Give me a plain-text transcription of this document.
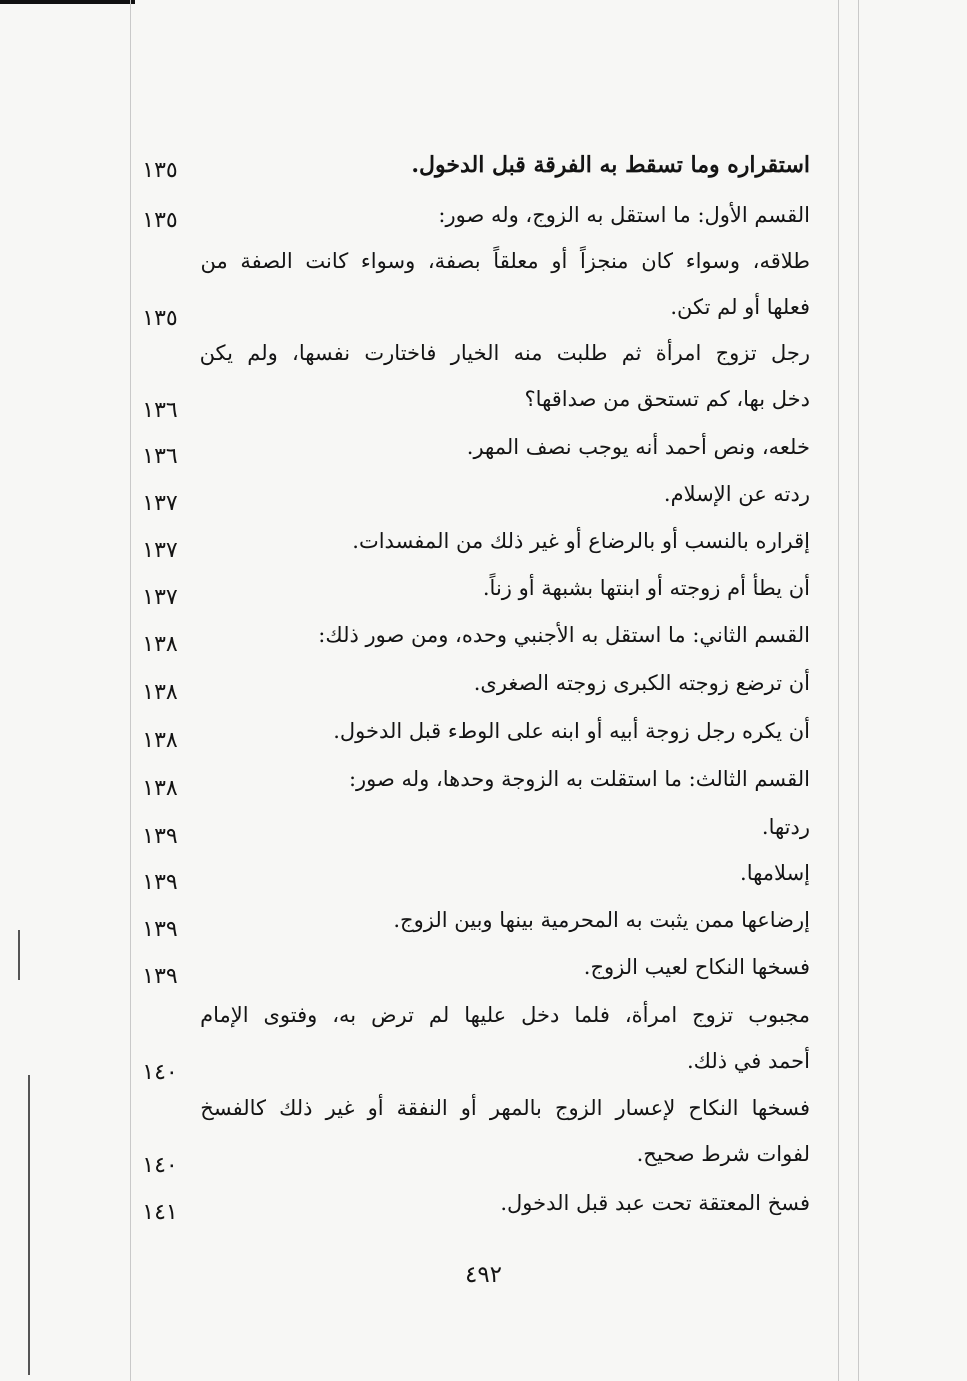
استقراره وما تسقط به الفرقة قبل الدخول.
١٣٥
القسم الأول: ما استقل به الزوج، وله صور:
١٣٥
طلاقه، وسواء كان منجزاً أو معلقاً بصفة، وسواء كانت الصفة من
فعلها أو لم تكن.
١٣٥
رجل تزوج امرأة ثم طلبت منه الخيار فاختارت نفسها، ولم يكن
دخل بها، كم تستحق من صداقها؟
١٣٦
خلعه، ونص أحمد أنه يوجب نصف المهر.
١٣٦
ردته عن الإسلام.
١٣٧
إقراره بالنسب أو بالرضاع أو غير ذلك من المفسدات.
١٣٧
أن يطأ أم زوجته أو ابنتها بشبهة أو زناً.
١٣٧
القسم الثاني: ما استقل به الأجنبي وحده، ومن صور ذلك:
١٣٨
أن ترضع زوجته الكبرى زوجته الصغرى.
١٣٨
أن يكره رجل زوجة أبيه أو ابنه على الوطء قبل الدخول.
١٣٨
القسم الثالث: ما استقلت به الزوجة وحدها، وله صور:
١٣٨
ردتها.
١٣٩
إسلامها.
١٣٩
إرضاعها ممن يثبت به المحرمية بينها وبين الزوج.
١٣٩
فسخها النكاح لعيب الزوج.
١٣٩
مجبوب تزوج امرأة، فلما دخل عليها لم ترض به، وفتوى الإمام
أحمد في ذلك.
١٤٠
فسخها النكاح لإعسار الزوج بالمهر أو النفقة أو غير ذلك كالفسخ
لفوات شرط صحيح.
١٤٠
فسخ المعتقة تحت عبد قبل الدخول.
١٤١
٤٩٢
